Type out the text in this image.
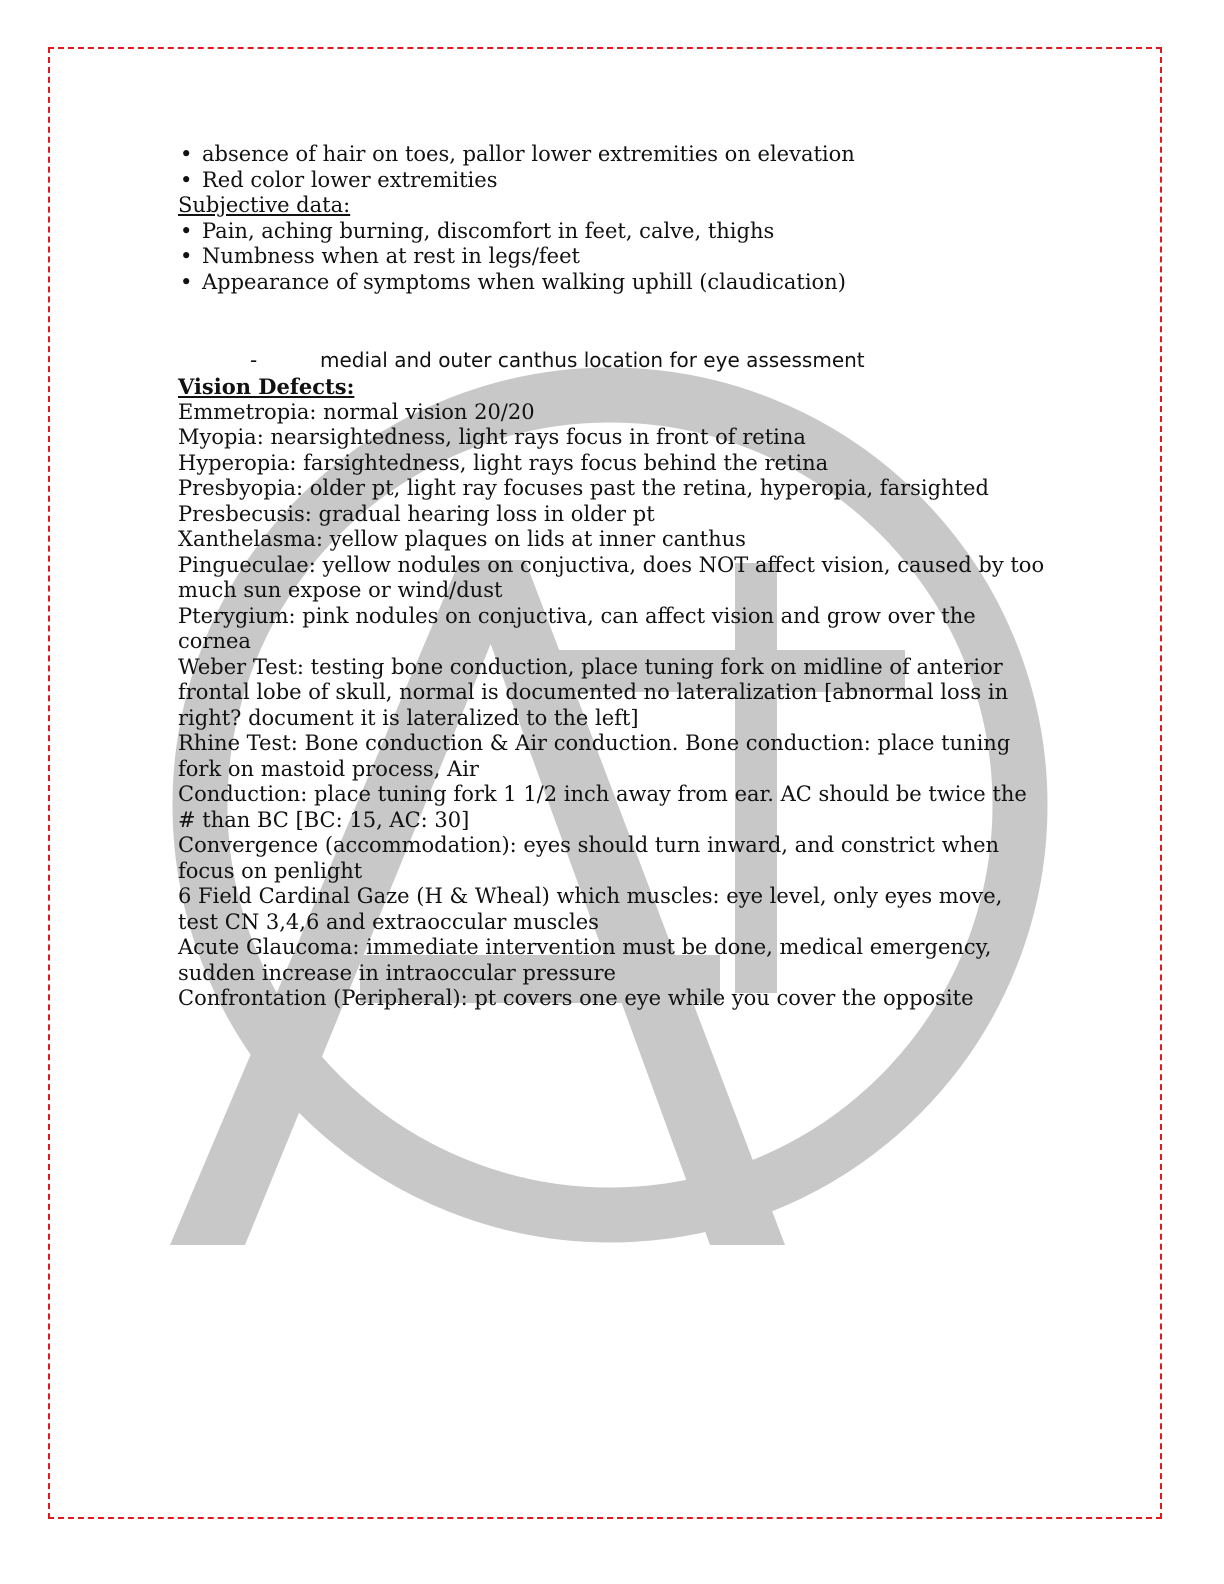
• absence of hair on toes, pallor lower extremities on elevation
• Red color lower extremities

Subjective data:

• Pain, aching burning, discomfort in feet, calve, thighs
• Numbness when at rest in legs/feet
• Appearance of symptoms when walking uphill (claudication)
-	medial and outer canthus location for eye assessment

Vision Defects:

Emmetropia: normal vision 20/20

Myopia: nearsightedness, light rays focus in front of retina

Hyperopia: farsightedness, light rays focus behind the retina

Presbyopia: older pt, light ray focuses past the retina, hyperopia, farsighted

Presbecusis: gradual hearing loss in older pt

Xanthelasma: yellow plaques on lids at inner canthus

Pingueculae: yellow nodules on conjuctiva, does NOT affect vision, caused by too much sun expose or wind/dust

Pterygium: pink nodules on conjuctiva, can affect vision and grow over the cornea

Weber Test: testing bone conduction, place tuning fork on midline of anterior frontal lobe of skull, normal is documented no lateralization [abnormal loss in right? document it is lateralized to the left]

Rhine Test: Bone conduction & Air conduction. Bone conduction: place tuning fork on mastoid process, Air

Conduction: place tuning fork 1 1/2 inch away from ear. AC should be twice the # than BC [BC: 15, AC: 30]

Convergence (accommodation): eyes should turn inward, and constrict when focus on penlight

6 Field Cardinal Gaze (H & Wheal) which muscles: eye level, only eyes move, test CN 3,4,6 and extraoccular muscles

Acute Glaucoma: immediate intervention must be done, medical emergency, sudden increase in intraoccular pressure

Confrontation (Peripheral): pt covers one eye while you cover the opposite
